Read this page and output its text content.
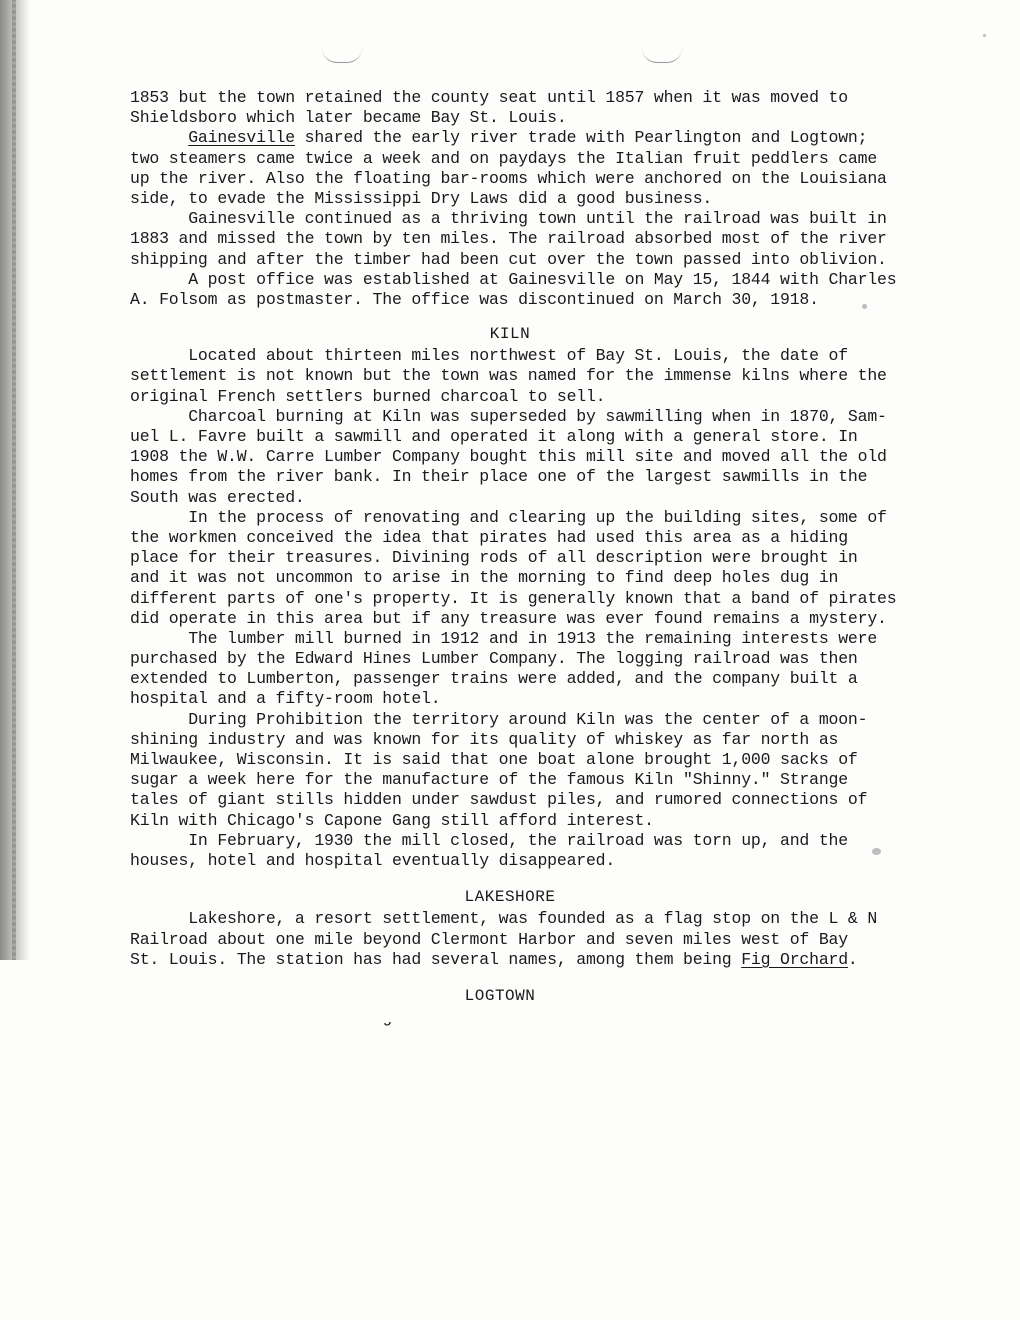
1853 but the town retained the county seat until 1857 when it was moved to
Shieldsboro which later became Bay St. Louis.
Gainesville shared the early river trade with Pearlington and Logtown;
two steamers came twice a week and on paydays the Italian fruit peddlers came
up the river. Also the floating bar-rooms which were anchored on the Louisiana
side, to evade the Mississippi Dry Laws did a good business.
Gainesville continued as a thriving town until the railroad was built in
1883 and missed the town by ten miles. The railroad absorbed most of the river
shipping and after the timber had been cut over the town passed into oblivion.
A post office was established at Gainesville on May 15, 1844 with Charles
A. Folsom as postmaster. The office was discontinued on March 30, 1918.
KILN
Located about thirteen miles northwest of Bay St. Louis, the date of
settlement is not known but the town was named for the immense kilns where the
original French settlers burned charcoal to sell.
Charcoal burning at Kiln was superseded by sawmilling when in 1870, Sam-
uel L. Favre built a sawmill and operated it along with a general store. In
1908 the W.W. Carre Lumber Company bought this mill site and moved all the old
homes from the river bank. In their place one of the largest sawmills in the
South was erected.
In the process of renovating and clearing up the building sites, some of
the workmen conceived the idea that pirates had used this area as a hiding
place for their treasures. Divining rods of all description were brought in
and it was not uncommon to arise in the morning to find deep holes dug in
different parts of one's property. It is generally known that a band of pirates
did operate in this area but if any treasure was ever found remains a mystery.
The lumber mill burned in 1912 and in 1913 the remaining interests were
purchased by the Edward Hines Lumber Company. The logging railroad was then
extended to Lumberton, passenger trains were added, and the company built a
hospital and a fifty-room hotel.
During Prohibition the territory around Kiln was the center of a moon-
shining industry and was known for its quality of whiskey as far north as
Milwaukee, Wisconsin. It is said that one boat alone brought 1,000 sacks of
sugar a week here for the manufacture of the famous Kiln "Shinny." Strange
tales of giant stills hidden under sawdust piles, and rumored connections of
Kiln with Chicago's Capone Gang still afford interest.
In February, 1930 the mill closed, the railroad was torn up, and the
houses, hotel and hospital eventually disappeared.
LAKESHORE
Lakeshore, a resort settlement, was founded as a flag stop on the L & N
Railroad about one mile beyond Clermont Harbor and seven miles west of Bay
St. Louis. The station has had several names, among them being Fig Orchard.
LOGTOWN
